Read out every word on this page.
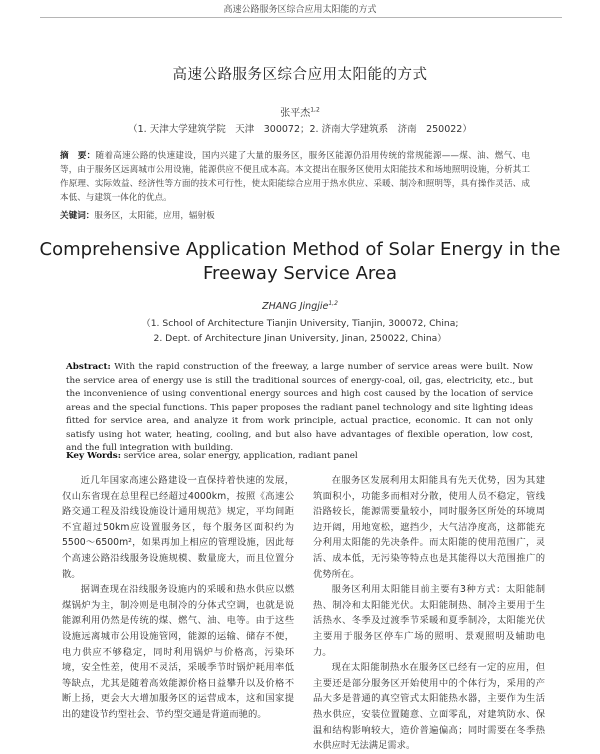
高速公路服务区综合应用太阳能的方式
高速公路服务区综合应用太阳能的方式
张平杰$^{1,2}$
（1. 天津大学建筑学院　天津　300072；2. 济南大学建筑系　济南　250022）
摘　要：随着高速公路的快速建设，国内兴建了大量的服务区，服务区能源仍沿用传统的常规能源——煤、油、燃气、电等，由于服务区远离城市公用设施，能源供应不便且成本高。本文提出在服务区使用太阳能技术和场地照明设施，分析其工作原理、实际效益、经济性等方面的技术可行性，使太阳能综合应用于热水供应、采暖、制冷和照明等，具有操作灵活、成本低、与建筑一体化的优点。
关键词：服务区，太阳能，应用，辐射板
Comprehensive Application Method of Solar Energy in the Freeway Service Area
ZHANG Jingjie$^{1,2}$
（1. School of Architecture Tianjin University, Tianjin, 300072, China;
2. Dept. of Architecture Jinan University, Jinan, 250022, China）
Abstract: With the rapid construction of the freeway, a large number of service areas were built. Now the service area of energy use is still the traditional sources of energy-coal, oil, gas, electricity, etc., but the inconvenience of using conventional energy sources and high cost caused by the location of service areas and the special functions. This paper proposes the radiant panel technology and site lighting ideas fitted for service area, and analyze it from work principle, actual practice, economic. It can not only satisfy using hot water, heating, cooling, and but also have advantages of flexible operation, low cost, and the full integration with building.
Key Words: service area, solar energy, application, radiant panel

近几年国家高速公路建设一直保持着快速的发展，仅山东省现在总里程已经超过4000km，按照《高速公路交通工程及沿线设施设计通用规范》规定，平均间距不宜超过50km应设置服务区，每个服务区面积约为5500～6500m²，如果再加上相应的管理设施，因此每个高速公路沿线服务设施规模、数量庞大，而且位置分散。

据调查现在沿线服务设施内的采暖和热水供应以燃煤锅炉为主，制冷则是电制冷的分体式空调，也就是说能源利用仍然是传统的煤、燃气、油、电等。由于这些设施远离城市公用设施管网，能源的运输、储存不便，电力供应不够稳定，同时利用锅炉与价格高，污染环境，安全性差，使用不灵活，采暖季节时锅炉耗用率低等缺点，尤其是随着高效能源价格日益攀升以及价格不断上扬，更会大大增加服务区的运营成本，这和国家提出的建设节约型社会、节约型交通是背道而驰的。

在服务区发展利用太阳能具有先天优势，因为其建筑面积小，功能多而相对分散，使用人员不稳定，管线沿路较长，能源需要量较小，同时服务区所处的环境周边开阔，用地宽松，遮挡少，大气洁净度高，这都能充分利用太阳能的先决条件。而太阳能的使用范围广，灵活、成本低，无污染等特点也是其能得以大范围推广的优势所在。

服务区利用太阳能目前主要有3种方式：太阳能制热、制冷和太阳能光伏。太阳能制热、制冷主要用于生活热水、冬季及过渡季节采暖和夏季制冷，太阳能光伏主要用于服务区停车广场的照明、景观照明及辅助电力。

现在太阳能制热水在服务区已经有一定的应用，但主要还是部分服务区开始使用中的个体行为，采用的产品大多是普通的真空管式太阳能热水器，主要作为生活热水供应，安装位置随意、立面零乱，对建筑防水、保温和结构影响较大，造价普遍偏高；同时需要在冬季热水供应时无法满足需求。
